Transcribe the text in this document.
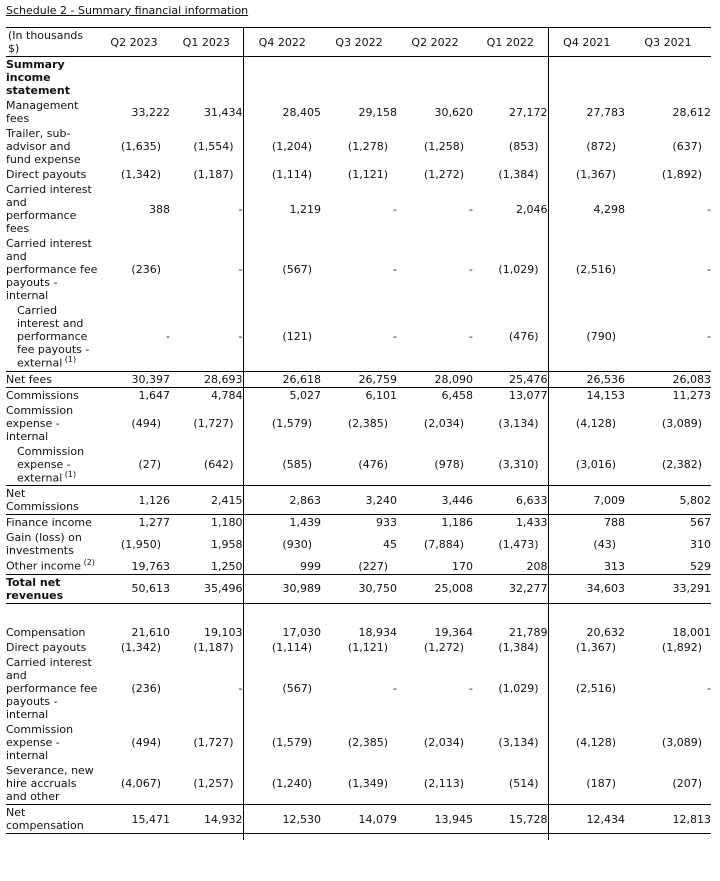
Schedule 2 - Summary financial information
(In thousands $)	Q2 2023	Q1 2023	Q4 2022	Q3 2022	Q2 2022	Q1 2022	Q4 2021	Q3 2021
Summary income statement								
Management fees	33,222	31,434	28,405	29,158	30,620	27,172	27,783	28,612
Trailer, sub-advisor and fund expense	(1,635)	(1,554)	(1,204)	(1,278)	(1,258)	(853)	(872)	(637)
Direct payouts	(1,342)	(1,187)	(1,114)	(1,121)	(1,272)	(1,384)	(1,367)	(1,892)
Carried interest and performance fees	388	-	1,219	-	-	2,046	4,298	-
Carried interest and performance fee payouts - internal	(236)	-	(567)	-	-	(1,029)	(2,516)	-
Carried interest and performance fee payouts - external $^{(1)}$	-	-	(121)	-	-	(476)	(790)	-
Net fees	30,397	28,693	26,618	26,759	28,090	25,476	26,536	26,083
Commissions	1,647	4,784	5,027	6,101	6,458	13,077	14,153	11,273
Commission expense - internal	(494)	(1,727)	(1,579)	(2,385)	(2,034)	(3,134)	(4,128)	(3,089)
Commission expense - external $^{(1)}$	(27)	(642)	(585)	(476)	(978)	(3,310)	(3,016)	(2,382)
Net Commissions	1,126	2,415	2,863	3,240	3,446	6,633	7,009	5,802
Finance income	1,277	1,180	1,439	933	1,186	1,433	788	567
Gain (loss) on investments	(1,950)	1,958	(930)	45	(7,884)	(1,473)	(43)	310
Other income $^{(2)}$	19,763	1,250	999	(227)	170	208	313	529
Total net revenues	50,613	35,496	30,989	30,750	25,008	32,277	34,603	33,291

Compensation	21,610	19,103	17,030	18,934	19,364	21,789	20,632	18,001
Direct payouts	(1,342)	(1,187)	(1,114)	(1,121)	(1,272)	(1,384)	(1,367)	(1,892)
Carried interest and performance fee payouts - internal	(236)	-	(567)	-	-	(1,029)	(2,516)	-
Commission expense - internal	(494)	(1,727)	(1,579)	(2,385)	(2,034)	(3,134)	(4,128)	(3,089)
Severance, new hire accruals and other	(4,067)	(1,257)	(1,240)	(1,349)	(2,113)	(514)	(187)	(207)
Net compensation	15,471	14,932	12,530	14,079	13,945	15,728	12,434	12,813
